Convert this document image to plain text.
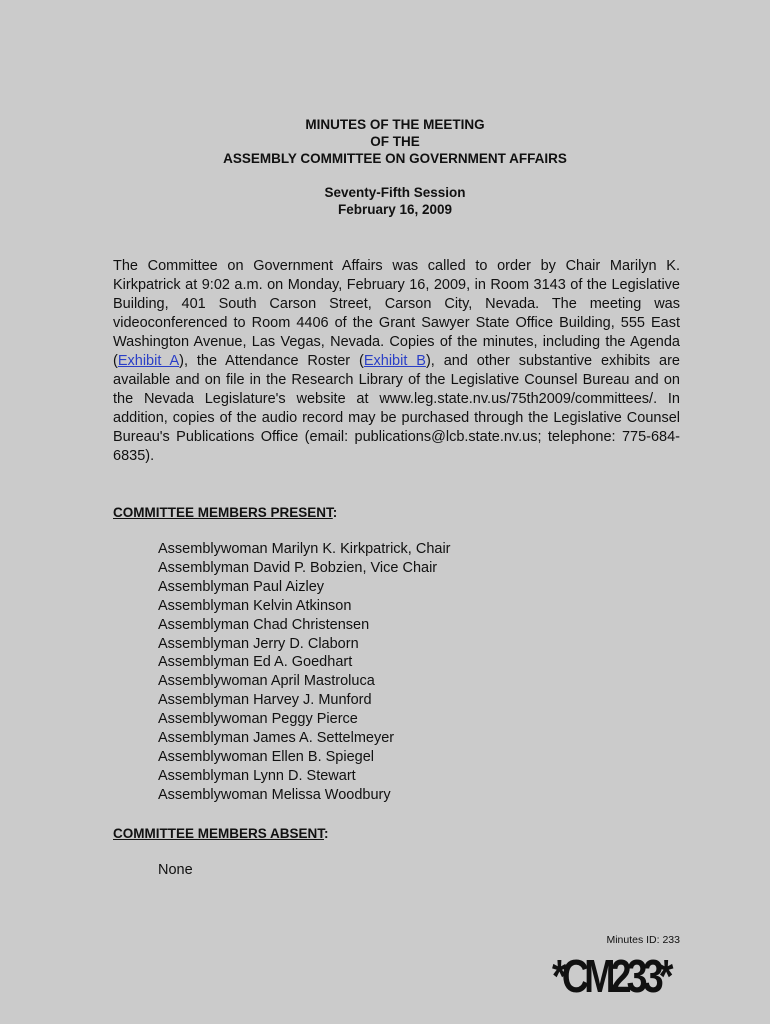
MINUTES OF THE MEETING
OF THE
ASSEMBLY COMMITTEE ON GOVERNMENT AFFAIRS
Seventy-Fifth Session
February 16, 2009
The Committee on Government Affairs was called to order by Chair Marilyn K. Kirkpatrick at 9:02 a.m. on Monday, February 16, 2009, in Room 3143 of the Legislative Building, 401 South Carson Street, Carson City, Nevada. The meeting was videoconferenced to Room 4406 of the Grant Sawyer State Office Building, 555 East Washington Avenue, Las Vegas, Nevada. Copies of the minutes, including the Agenda (Exhibit A), the Attendance Roster (Exhibit B), and other substantive exhibits are available and on file in the Research Library of the Legislative Counsel Bureau and on the Nevada Legislature's website at www.leg.state.nv.us/75th2009/committees/. In addition, copies of the audio record may be purchased through the Legislative Counsel Bureau's Publications Office (email: publications@lcb.state.nv.us; telephone: 775-684-6835).
COMMITTEE MEMBERS PRESENT:
Assemblywoman Marilyn K. Kirkpatrick, Chair
Assemblyman David P. Bobzien, Vice Chair
Assemblyman Paul Aizley
Assemblyman Kelvin Atkinson
Assemblyman Chad Christensen
Assemblyman Jerry D. Claborn
Assemblyman Ed A. Goedhart
Assemblywoman April Mastroluca
Assemblyman Harvey J. Munford
Assemblywoman Peggy Pierce
Assemblyman James A. Settelmeyer
Assemblywoman Ellen B. Spiegel
Assemblyman Lynn D. Stewart
Assemblywoman Melissa Woodbury
COMMITTEE MEMBERS ABSENT:
None
Minutes ID: 233
*CM233*
